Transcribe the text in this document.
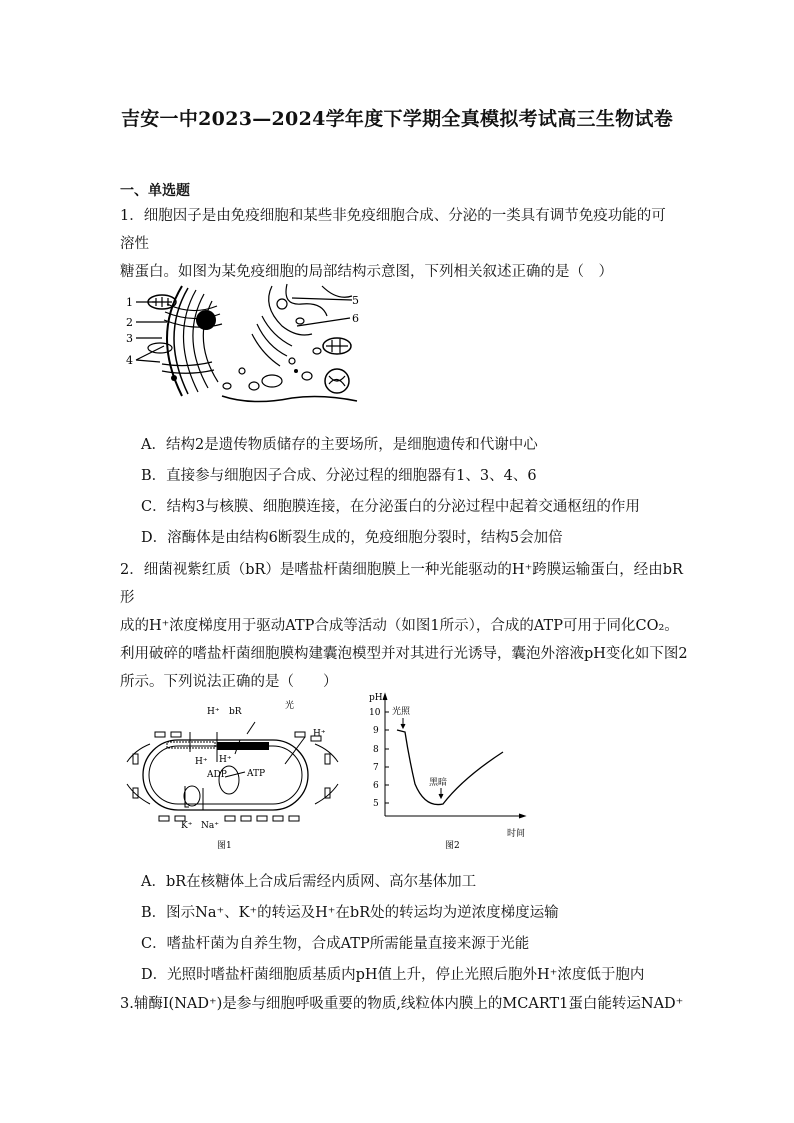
吉安一中2023—2024学年度下学期全真模拟考试高三生物试卷
一、单选题
1．细胞因子是由免疫细胞和某些非免疫细胞合成、分泌的一类具有调节免疫功能的可溶性
糖蛋白。如图为某免疫细胞的局部结构示意图，下列相关叙述正确的是（　）
1
2
3
4
5
6
A．结构2是遗传物质储存的主要场所，是细胞遗传和代谢中心
B．直接参与细胞因子合成、分泌过程的细胞器有1、3、4、6
C．结构3与核膜、细胞膜连接，在分泌蛋白的分泌过程中起着交通枢纽的作用
D．溶酶体是由结构6断裂生成的，免疫细胞分裂时，结构5会加倍
2．细菌视紫红质（bR）是嗜盐杆菌细胞膜上一种光能驱动的H⁺跨膜运输蛋白，经由bR形
成的H⁺浓度梯度用于驱动ATP合成等活动（如图1所示），合成的ATP可用于同化CO₂。
利用破碎的嗜盐杆菌细胞膜构建囊泡模型并对其进行光诱导，囊泡外溶液pH变化如下图2
所示。下列说法正确的是（　　）
bR
光
H⁺
H⁺
H⁺ H⁺
ADP ATP
K⁺ Na⁺
图1
pH
10
9
8
7
6
5
光照
黑暗
时间
图2
A．bR在核糖体上合成后需经内质网、高尔基体加工
B．图示Na⁺、K⁺的转运及H⁺在bR处的转运均为逆浓度梯度运输
C．嗜盐杆菌为自养生物，合成ATP所需能量直接来源于光能
D．光照时嗜盐杆菌细胞质基质内pH值上升，停止光照后胞外H⁺浓度低于胞内
3.辅酶Ⅰ(NAD⁺)是参与细胞呼吸重要的物质,线粒体内膜上的MCART1蛋白能转运NAD⁺
